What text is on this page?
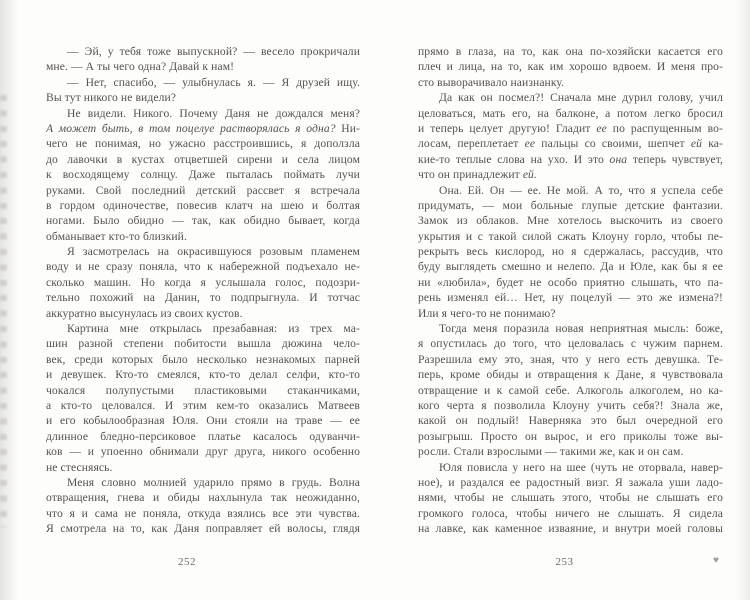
— Эй, у тебя тоже выпускной? — весело прокричали
мне. — А ты чего одна? Давай к нам!
— Нет, спасибо, — улыбнулась я. — Я друзей ищу.
Вы тут никого не видели?
Не видели. Никого. Почему Даня не дождался меня?
А может быть, в том поцелуе растворялась я одна? Ни-
чего не понимая, но ужасно расстроившись, я доползла
до лавочки в кустах отцветшей сирени и села лицом
к восходящему солнцу. Даже пыталась поймать лучи
руками. Свой последний детский рассвет я встречала
в гордом одиночестве, повесив клатч на шею и болтая
ногами. Было обидно — так, как обидно бывает, когда
обманывает кто-то близкий.
Я засмотрелась на окрасившуюся розовым пламенем
воду и не сразу поняла, что к набережной подъехало не-
сколько машин. Но когда я услышала голос, подозри-
тельно похожий на Данин, то подпрыгнула. И тотчас
аккуратно высунулась из своих кустов.
Картина мне открылась презабавная: из трех ма-
шин разной степени побитости вышла дюжина чело-
век, среди которых было несколько незнакомых парней
и девушек. Кто-то смеялся, кто-то делал селфи, кто-то
чокался полупустыми пластиковыми стаканчиками,
а кто-то целовался. И этим кем-то оказались Матвеев
и его кобылообразная Юля. Они стояли на траве — ее
длинное бледно-персиковое платье касалось одуванчи-
ков — и упоенно обнимали друг друга, никого особенно
не стесняясь.
Меня словно молнией ударило прямо в грудь. Волна
отвращения, гнева и обиды нахлынула так неожиданно,
что я и сама не поняла, откуда взялись все эти чувства.
Я смотрела на то, как Даня поправляет ей волосы, глядя
прямо в глаза, на то, как она по-хозяйски касается его
плеч и лица, на то, как им хорошо вдвоем. И меня про-
сто выворачивало наизнанку.
Да как он посмел?! Сначала мне дурил голову, учил
целоваться, мать его, на балконе, а потом легко бросил
и теперь целует другую! Гладит ее по распущенным во-
лосам, переплетает ее пальцы со своими, шепчет ей ка-
кие-то теплые слова на ухо. И это она теперь чувствует,
что он принадлежит ей.
Она. Ей. Он — ее. Не мой. А то, что я успела себе
придумать, — мои больные глупые детские фантазии.
Замок из облаков. Мне хотелось выскочить из своего
укрытия и с такой силой сжать Клоуну горло, чтобы пе-
рекрыть весь кислород, но я сдержалась, рассудив, что
буду выглядеть смешно и нелепо. Да и Юле, как бы я ее
ни «любила», будет не особо приятно слышать, что па-
рень изменял ей… Нет, ну поцелуй — это же измена?!
Или я чего-то не понимаю?
Тогда меня поразила новая неприятная мысль: боже,
я опустилась до того, что целовалась с чужим парнем.
Разрешила ему это, зная, что у него есть девушка. Те-
перь, кроме обиды и отвращения к Дане, я чувствовала
отвращение и к самой себе. Алкоголь алкоголем, но ка-
кого черта я позволила Клоуну учить себя?! Знала же,
какой он подлый! Наверняка это был очередной его
розыгрыш. Просто он вырос, и его приколы тоже вы-
росли. Стали взрослыми — такими же, как и он сам.
Юля повисла у него на шее (чуть не оторвала, навер-
ное), и раздался ее радостный визг. Я зажала уши ладо-
нями, чтобы не слышать этого, чтобы не слышать его
громкого голоса, чтобы ничего не слышать. Я сидела
на лавке, как каменное изваяние, и внутри моей головы
252	253	♥
